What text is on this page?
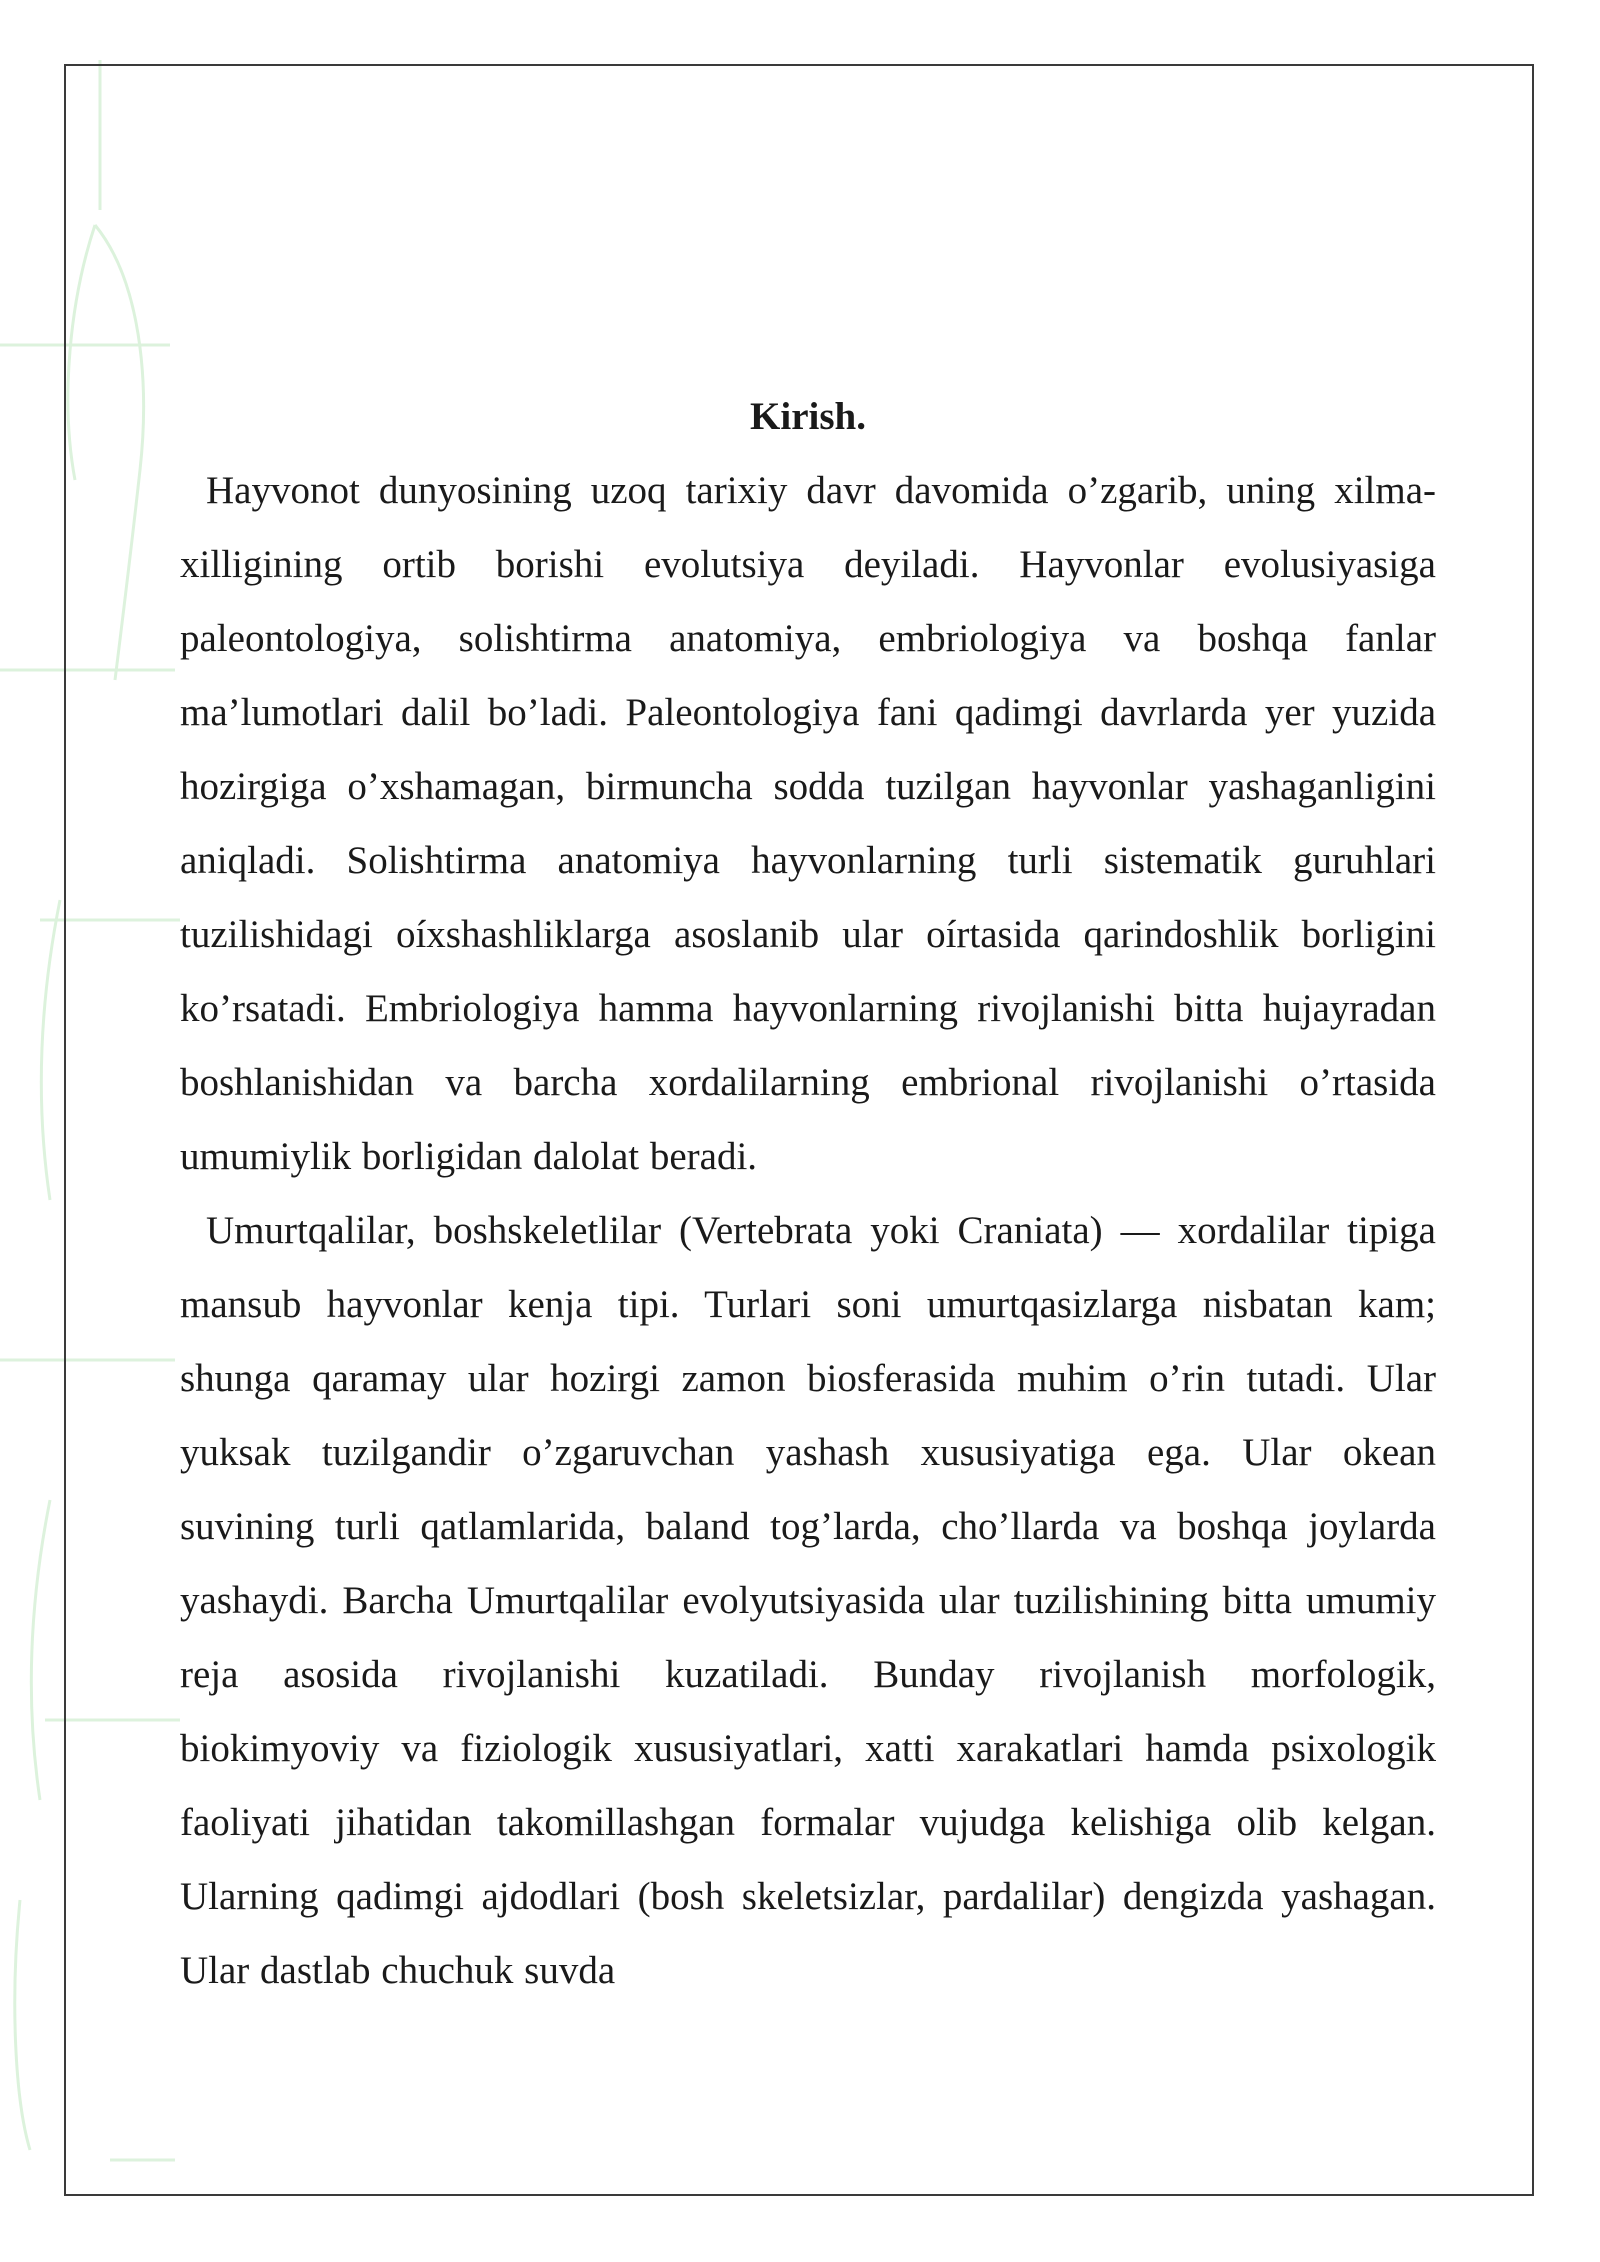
Kirish.

Hayvonot dunyosining uzoq tarixiy davr davomida o’zgarib, uning xilma-xilligining ortib borishi evolutsiya deyiladi. Hayvonlar evolusiyasiga paleontologiya, solishtirma anatomiya, embriologiya va boshqa fanlar ma’lumotlari dalil bo’ladi. Paleontologiya fani qadimgi davrlarda yer yuzida hozirgiga o’xshamagan, birmuncha sodda tuzilgan hayvonlar yashaganligini aniqladi. Solishtirma anatomiya hayvonlarning turli sistematik guruhlari tuzilishidagi oíxshashliklarga asoslanib ular oírtasida qarindoshlik borligini ko’rsatadi. Embriologiya hamma hayvonlarning rivojlanishi bitta hujayradan boshlanishidan va barcha xordalilarning embrional rivojlanishi o’rtasida umumiylik borligidan dalolat beradi.

Umurtqalilar, boshskeletlilar (Vertebrata yoki Craniata) — xordalilar tipiga mansub hayvonlar kenja tipi. Turlari soni umurtqasizlarga nisbatan kam; shunga qaramay ular hozirgi zamon biosferasida muhim o’rin tutadi. Ular yuksak tuzilgandir o’zgaruvchan yashash xususiyatiga ega. Ular okean suvining turli qatlamlarida, baland tog’larda, cho’llarda va boshqa joylarda yashaydi. Barcha Umurtqalilar evolyutsiyasida ular tuzilishining bitta umumiy reja asosida rivojlanishi kuzatiladi. Bunday rivojlanish morfologik, biokimyoviy va fiziologik xususiyatlari, xatti xarakatlari hamda psixologik faoliyati jihatidan takomillashgan formalar vujudga kelishiga olib kelgan. Ularning qadimgi ajdodlari (bosh skeletsizlar, pardalilar) dengizda yashagan. Ular dastlab chuchuk suvda
